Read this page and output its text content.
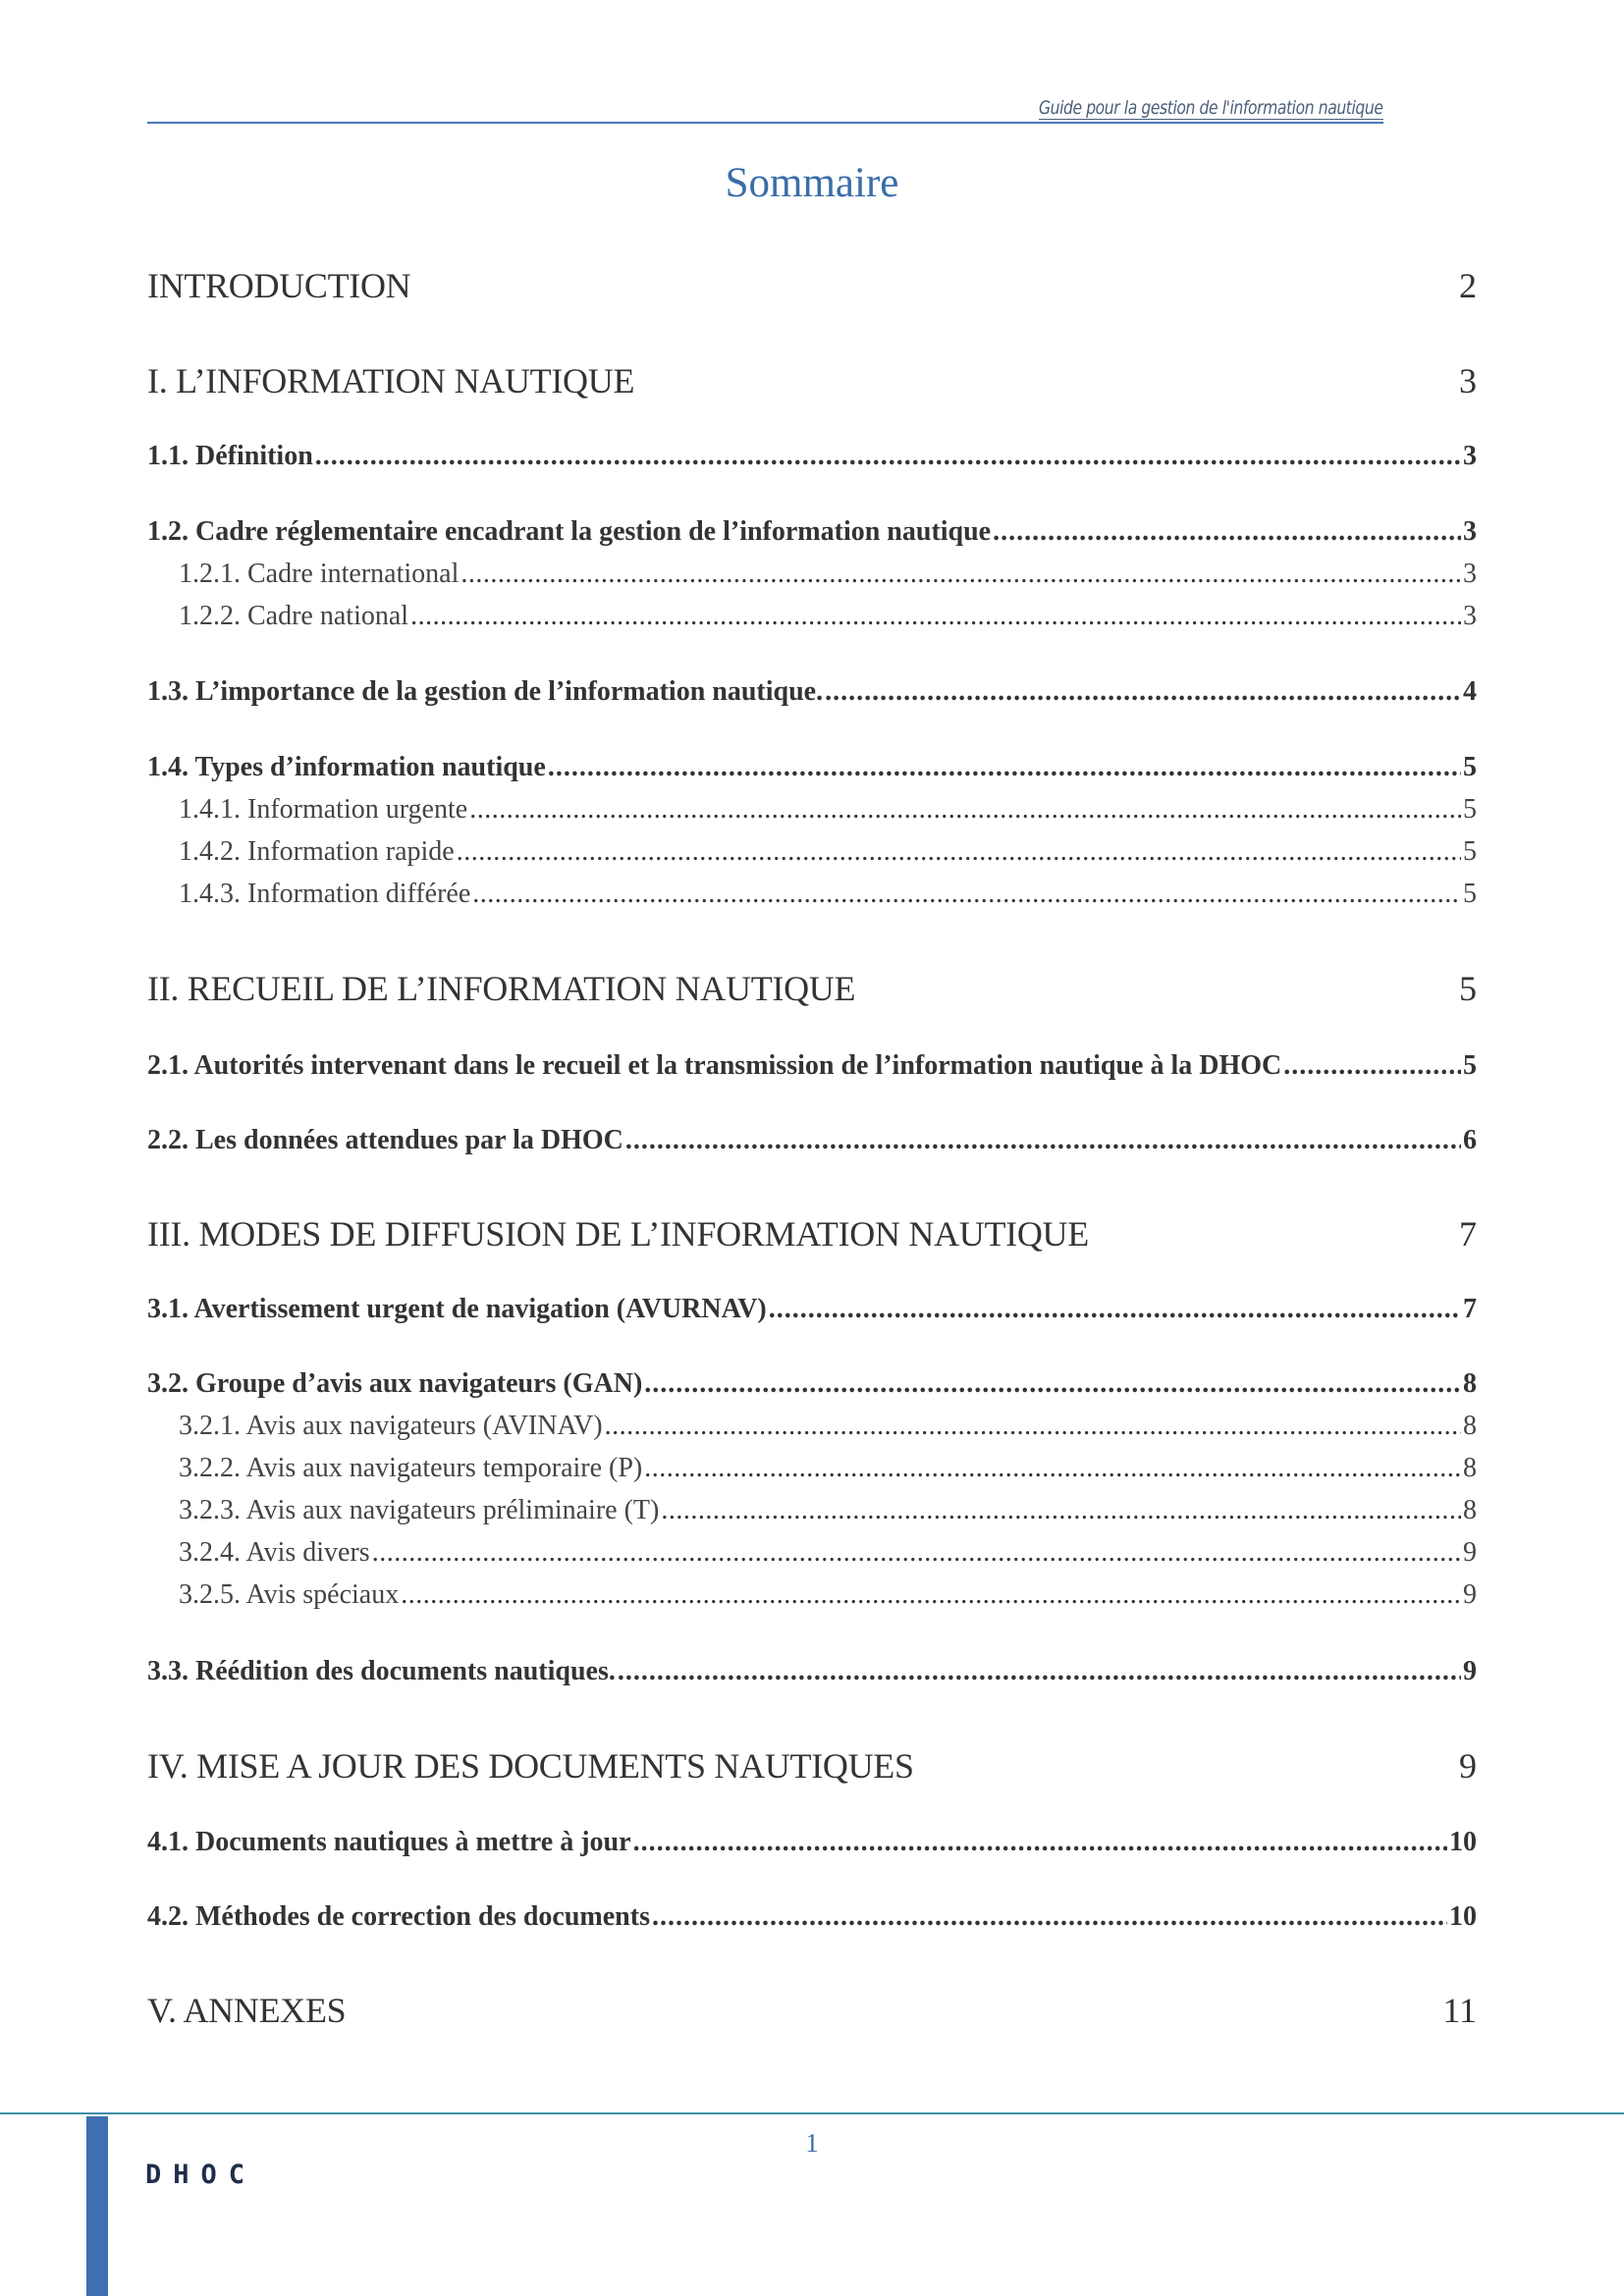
Guide pour la gestion de l'information nautique
Sommaire
INTRODUCTION	2
I. L’INFORMATION NAUTIQUE	3
1.1. Définition .....	3
1.2. Cadre réglementaire encadrant la gestion de l’information nautique .....	3
1.2.1. Cadre international .....	3
1.2.2. Cadre national .....	3
1.3. L’importance de la gestion de l’information nautique. .....	4
1.4. Types d’information nautique .....	5
1.4.1. Information urgente .....	5
1.4.2. Information rapide .....	5
1.4.3. Information différée .....	5
II. RECUEIL DE L’INFORMATION NAUTIQUE	5
2.1. Autorités intervenant dans le recueil et la transmission de l’information nautique à la DHOC .....	5
2.2. Les données attendues par la DHOC .....	6
III. MODES DE DIFFUSION DE L’INFORMATION NAUTIQUE	7
3.1. Avertissement urgent de navigation (AVURNAV) .....	7
3.2. Groupe d’avis aux navigateurs (GAN) .....	8
3.2.1. Avis aux navigateurs (AVINAV) .....	8
3.2.2. Avis aux navigateurs temporaire (P) .....	8
3.2.3. Avis aux navigateurs préliminaire (T) .....	8
3.2.4. Avis divers .....	9
3.2.5. Avis spéciaux .....	9
3.3. Réédition des documents nautiques. .....	9
IV. MISE A JOUR DES DOCUMENTS NAUTIQUES	9
4.1. Documents nautiques à mettre à jour .....	10
4.2. Méthodes de correction des documents .....	10
V. ANNEXES	11
1
DHOC
